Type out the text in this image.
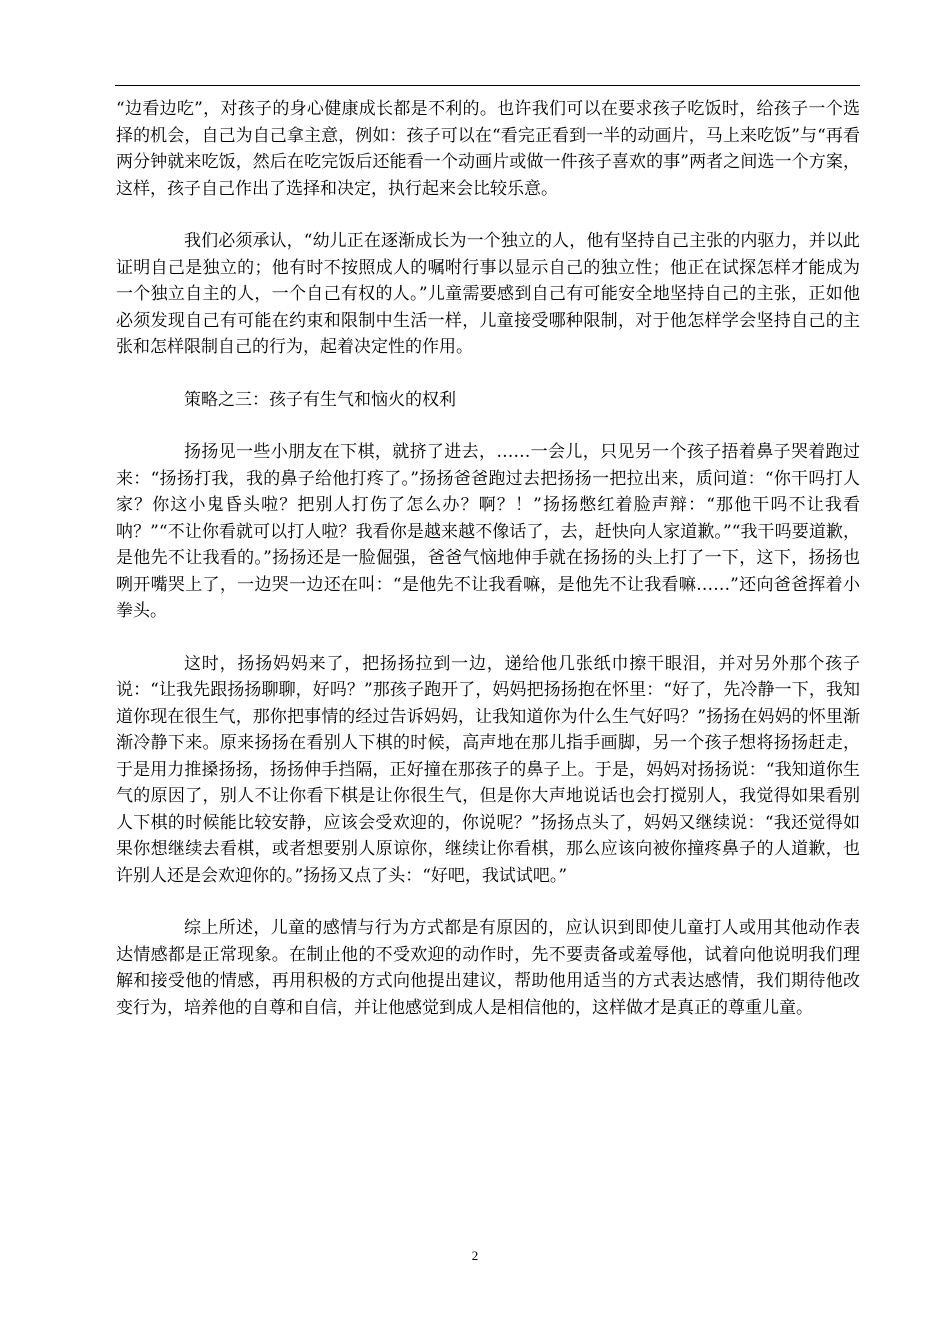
“边看边吃”，对孩子的身心健康成长都是不利的。也许我们可以在要求孩子吃饭时，给孩子一个选择的机会，自己为自己拿主意，例如：孩子可以在“看完正看到一半的动画片，马上来吃饭”与“再看两分钟就来吃饭，然后在吃完饭后还能看一个动画片或做一件孩子喜欢的事”两者之间选一个方案，这样，孩子自己作出了选择和决定，执行起来会比较乐意。

我们必须承认，“幼儿正在逐渐成长为一个独立的人，他有坚持自己主张的内驱力，并以此证明自己是独立的；他有时不按照成人的嘱咐行事以显示自己的独立性；他正在试探怎样才能成为一个独立自主的人，一个自己有权的人。”儿童需要感到自己有可能安全地坚持自己的主张，正如他必须发现自己有可能在约束和限制中生活一样，儿童接受哪种限制，对于他怎样学会坚持自己的主张和怎样限制自己的行为，起着决定性的作用。

策略之三：孩子有生气和恼火的权利

扬扬见一些小朋友在下棋，就挤了进去，……一会儿，只见另一个孩子捂着鼻子哭着跑过来：“扬扬打我，我的鼻子给他打疼了。”扬扬爸爸跑过去把扬扬一把拉出来，质问道：“你干吗打人家？你这小鬼昏头啦？把别人打伤了怎么办？啊？！”扬扬憋红着脸声辩：“那他干吗不让我看呐？”“不让你看就可以打人啦？我看你是越来越不像话了，去，赶快向人家道歉。”“我干吗要道歉，是他先不让我看的。”扬扬还是一脸倔强，爸爸气恼地伸手就在扬扬的头上打了一下，这下，扬扬也咧开嘴哭上了，一边哭一边还在叫：“是他先不让我看嘛，是他先不让我看嘛……”还向爸爸挥着小拳头。

这时，扬扬妈妈来了，把扬扬拉到一边，递给他几张纸巾擦干眼泪，并对另外那个孩子说：“让我先跟扬扬聊聊，好吗？”那孩子跑开了，妈妈把扬扬抱在怀里：“好了，先冷静一下，我知道你现在很生气，那你把事情的经过告诉妈妈，让我知道你为什么生气好吗？”扬扬在妈妈的怀里渐渐冷静下来。原来扬扬在看别人下棋的时候，高声地在那儿指手画脚，另一个孩子想将扬扬赶走，于是用力推搡扬扬，扬扬伸手挡隔，正好撞在那孩子的鼻子上。于是，妈妈对扬扬说：“我知道你生气的原因了，别人不让你看下棋是让你很生气，但是你大声地说话也会打搅别人，我觉得如果看别人下棋的时候能比较安静，应该会受欢迎的，你说呢？”扬扬点头了，妈妈又继续说：“我还觉得如果你想继续去看棋，或者想要别人原谅你，继续让你看棋，那么应该向被你撞疼鼻子的人道歉，也许别人还是会欢迎你的。”扬扬又点了头：“好吧，我试试吧。”

综上所述，儿童的感情与行为方式都是有原因的，应认识到即使儿童打人或用其他动作表达情感都是正常现象。在制止他的不受欢迎的动作时，先不要责备或羞辱他，试着向他说明我们理解和接受他的情感，再用积极的方式向他提出建议，帮助他用适当的方式表达感情，我们期待他改变行为，培养他的自尊和自信，并让他感觉到成人是相信他的，这样做才是真正的尊重儿童。

2
